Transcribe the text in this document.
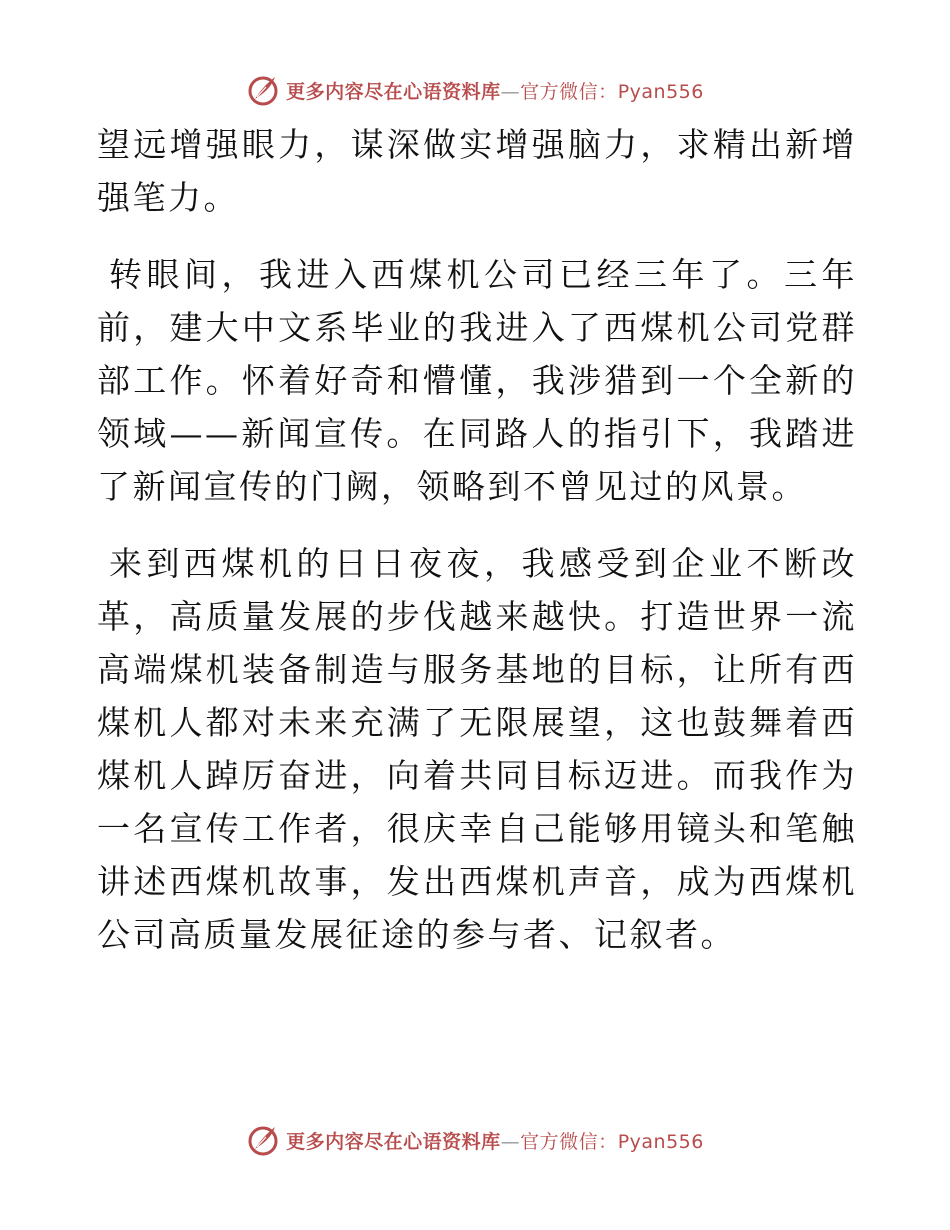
更多内容尽在心语资料库—官方微信：Pyan556

望远增强眼力，谋深做实增强脑力，求精出新增强笔力。

转眼间，我进入西煤机公司已经三年了。三年前，建大中文系毕业的我进入了西煤机公司党群部工作。怀着好奇和懵懂，我涉猎到一个全新的领域——新闻宣传。在同路人的指引下，我踏进了新闻宣传的门阙，领略到不曾见过的风景。

来到西煤机的日日夜夜，我感受到企业不断改革，高质量发展的步伐越来越快。打造世界一流高端煤机装备制造与服务基地的目标，让所有西煤机人都对未来充满了无限展望，这也鼓舞着西煤机人踔厉奋进，向着共同目标迈进。而我作为一名宣传工作者，很庆幸自己能够用镜头和笔触讲述西煤机故事，发出西煤机声音，成为西煤机公司高质量发展征途的参与者、记叙者。

更多内容尽在心语资料库—官方微信：Pyan556
